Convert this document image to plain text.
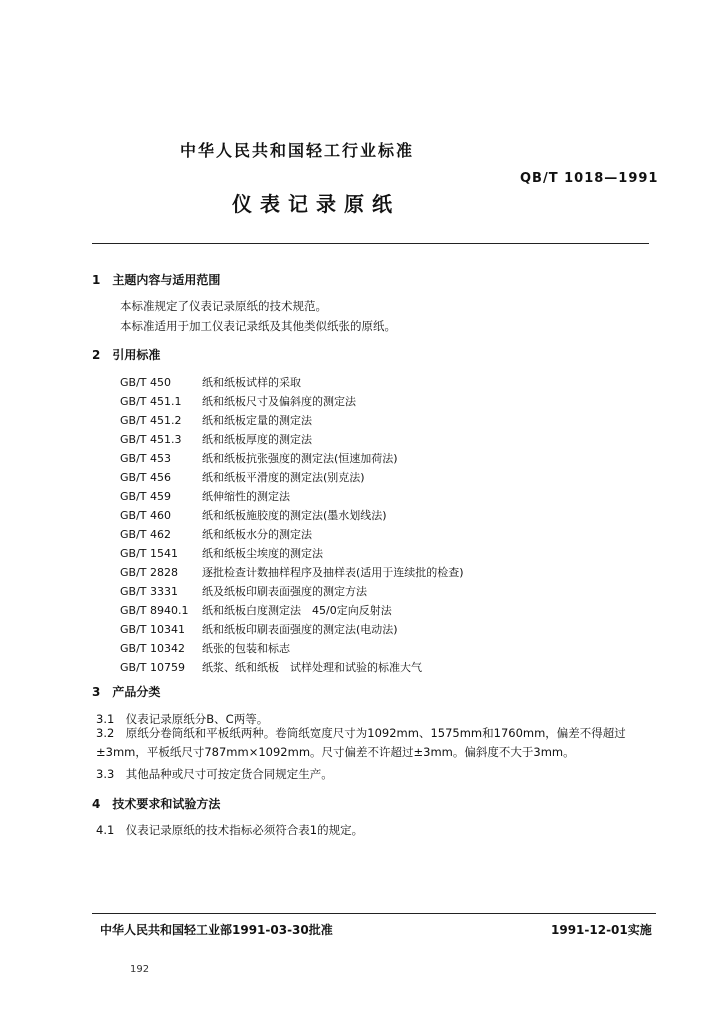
中华人民共和国轻工行业标准
QB/T 1018—1991
仪表记录原纸
1　主题内容与适用范围
本标准规定了仪表记录原纸的技术规范。
本标准适用于加工仪表记录纸及其他类似纸张的原纸。
2　引用标准
GB/T 450	纸和纸板试样的采取
GB/T 451.1 纸和纸板尺寸及偏斜度的测定法
GB/T 451.2 纸和纸板定量的测定法
GB/T 451.3 纸和纸板厚度的测定法
GB/T 453	纸和纸板抗张强度的测定法(恒速加荷法)
GB/T 456	纸和纸板平滑度的测定法(别克法)
GB/T 459	纸伸缩性的测定法
GB/T 460	纸和纸板施胶度的测定法(墨水划线法)
GB/T 462	纸和纸板水分的测定法
GB/T 1541 纸和纸板尘埃度的测定法
GB/T 2828 逐批检查计数抽样程序及抽样表(适用于连续批的检查)
GB/T 3331 纸及纸板印刷表面强度的测定方法
GB/T 8940.1 纸和纸板白度测定法　45/0定向反射法
GB/T 10341 纸和纸板印刷表面强度的测定法(电动法)
GB/T 10342 纸张的包装和标志
GB/T 10759 纸浆、纸和纸板　试样处理和试验的标准大气
3　产品分类
3.1　仪表记录原纸分B、C两等。
3.2　原纸分卷筒纸和平板纸两种。卷筒纸宽度尺寸为1092mm、1575mm和1760mm，偏差不得超过±3mm，平板纸尺寸787mm×1092mm。尺寸偏差不许超过±3mm。偏斜度不大于3mm。
3.3　其他品种或尺寸可按定货合同规定生产。
4　技术要求和试验方法
4.1　仪表记录原纸的技术指标必须符合表1的规定。
中华人民共和国轻工业部1991-03-30批准	1991-12-01实施
192
